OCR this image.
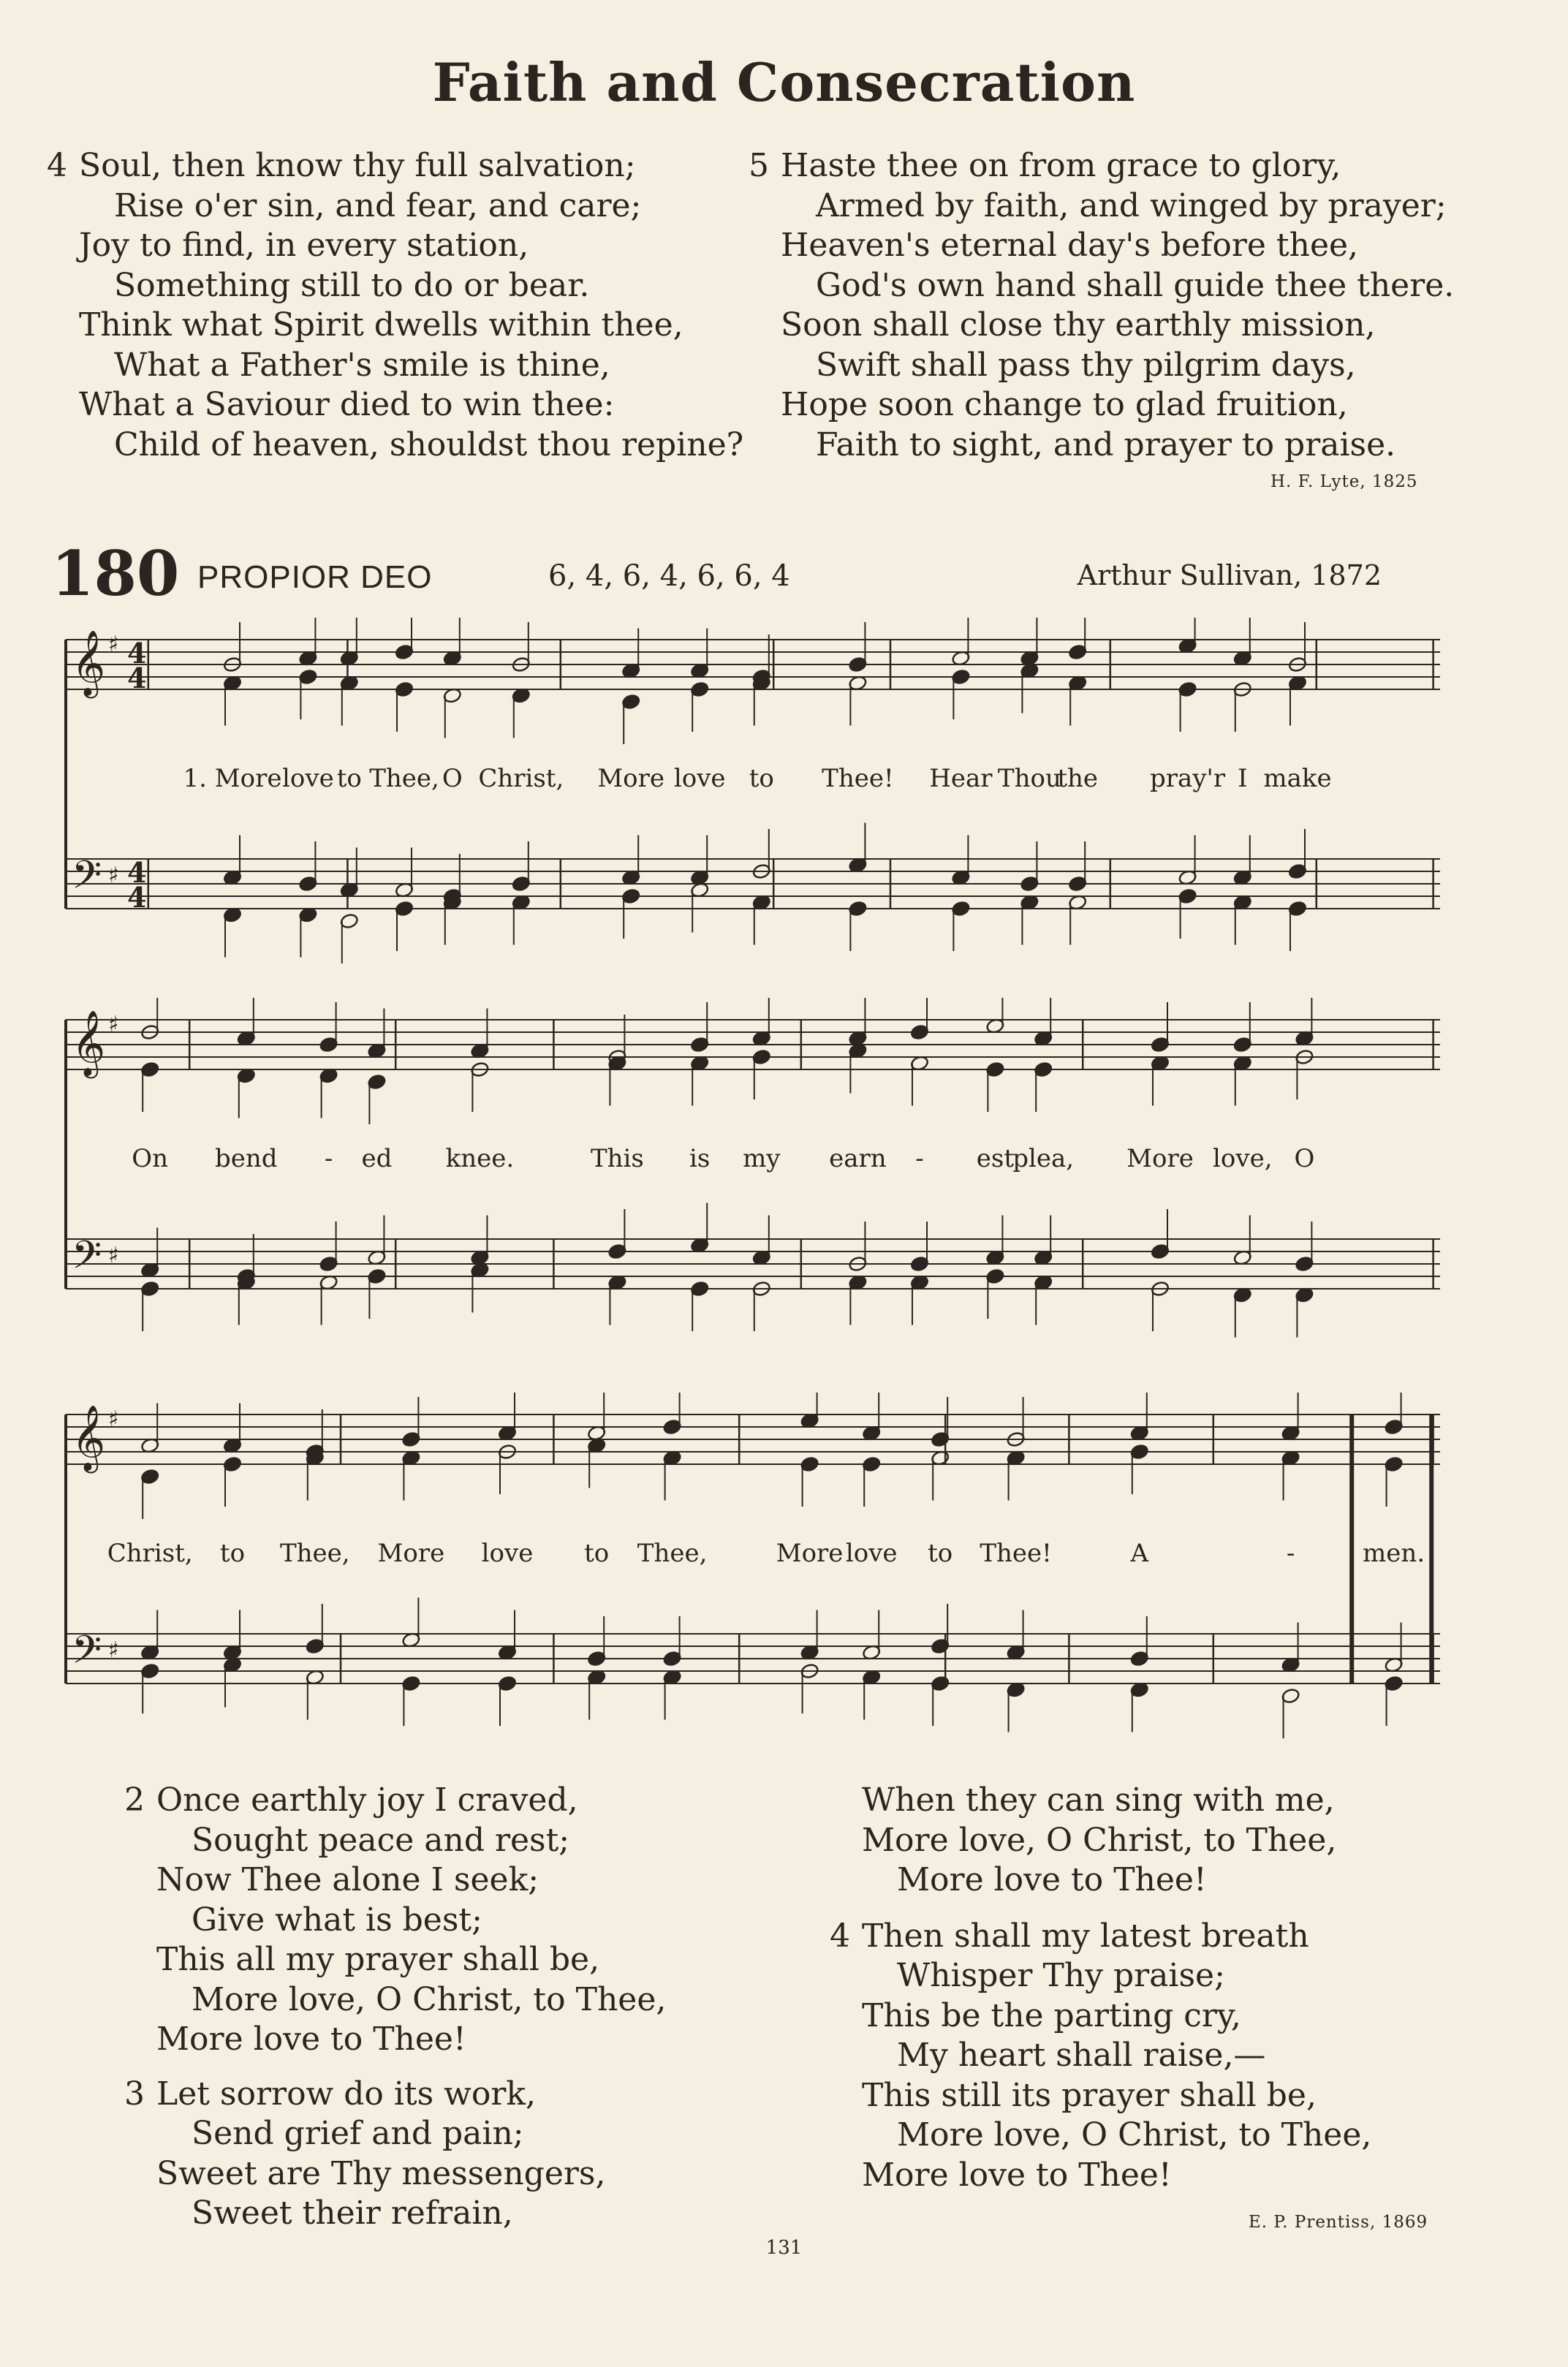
Faith and Consecration
4 Soul, then know thy full salvation;
Rise o'er sin, and fear, and care;
Joy to find, in every station,
Something still to do or bear.
Think what Spirit dwells within thee,
What a Father's smile is thine,
What a Saviour died to win thee:
Child of heaven, shouldst thou repine?
5 Haste thee on from grace to glory,
Armed by faith, and winged by prayer;
Heaven's eternal day's before thee,
God's own hand shall guide thee there.
Soon shall close thy earthly mission,
Swift shall pass thy pilgrim days,
Hope soon change to glad fruition,
Faith to sight, and prayer to praise.
H. F. Lyte, 1825
180 PROPIOR DEO	6, 4, 6, 4, 6, 6, 4	Arthur Sullivan, 1872
𝄞
𝄢
♯
♯
4
4
4
4
1. More love to Thee, O Christ, More love to Thee! Hear Thou
the pray'r I make
𝄞
𝄢
♯
♯
On bend - ed knee.	This is my earn - est
plea, More love, O
𝄞
𝄢
♯
♯
Christ, to Thee, More love to Thee,	More love to Thee!	A	-	men.
2 Once earthly joy I craved,
Sought peace and rest;
Now Thee alone I seek;
Give what is best;
This all my prayer shall be,
More love, O Christ, to Thee,
More love to Thee!
3 Let sorrow do its work,
Send grief and pain;
Sweet are Thy messengers,
Sweet their refrain,
When they can sing with me,
More love, O Christ, to Thee,
More love to Thee!
4 Then shall my latest breath
Whisper Thy praise;
This be the parting cry,
My heart shall raise,—
This still its prayer shall be,
More love, O Christ, to Thee,
More love to Thee!
E. P. Prentiss, 1869
131
